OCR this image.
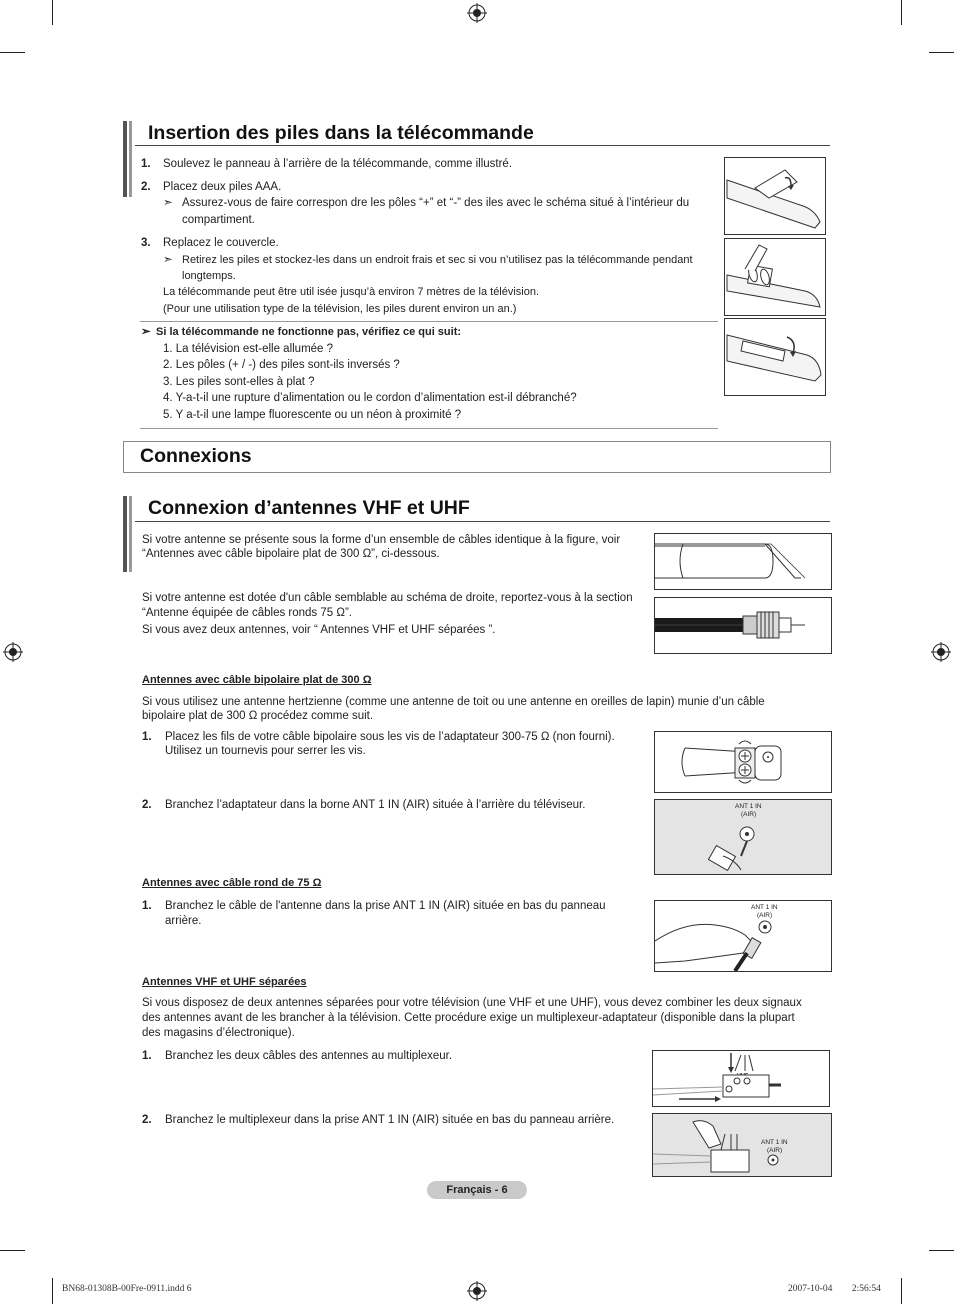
Insertion des piles dans la télécommande
1. Soulevez le panneau à l’arrière de la télécommande, comme illustré.
2. Placez deux piles AAA.
➣ Assurez-vous de faire correspon dre les pôles “+” et “-” des iles avec le schéma situé à l’intérieur du
compartiment.
3. Replacez le couvercle.
➣ Retirez les piles et stockez-les dans un endroit frais et sec si vou n’utilisez pas la télécommande pendant
longtemps.
La télécommande peut être util isée jusqu’à environ 7 mètres de la télévision.
(Pour une utilisation type de la télévision, les piles durent environ un an.)
➣ Si la télécommande ne fonctionne pas, vérifiez ce qui suit:
1. La télévision est-elle allumée ?
2. Les pôles (+ / -) des piles sont-ils inversés ?
3. Les piles sont-elles à plat ?
4. Y-a-t-il une rupture d’alimentation ou le cordon d’alimentation est-il débranché?
5. Y a-t-il une lampe fluorescente ou un néon à proximité ?
Connexions
Connexion d’antennes VHF et UHF
Si votre antenne se présente sous la forme d’un ensemble de câbles identique à la figure, voir
“Antennes avec câble bipolaire plat de 300 Ω”, ci-dessous.
Si votre antenne est dotée d'un câble semblable au schéma de droite, reportez-vous à la section
“Antenne équipée de câbles ronds 75 Ω”.
Si vous avez deux antennes, voir “ Antennes VHF et UHF séparées ”.
Antennes avec câble bipolaire plat de 300 Ω
Si vous utilisez une antenne hertzienne (comme une antenne de toit ou une antenne en oreilles de lapin) munie d’un câble
bipolaire plat de 300 Ω procédez comme suit.
1. Placez les fils de votre câble bipolaire sous les vis de l’adaptateur 300-75 Ω (non fourni).
Utilisez un tournevis pour serrer les vis.
2. Branchez l’adaptateur dans la borne ANT 1 IN (AIR) située à l’arrière du téléviseur.	ANT 1 IN
(AIR)
Antennes avec câble rond de 75 Ω
1. Branchez le câble de l'antenne dans la prise ANT 1 IN (AIR) située en bas du panneau
arrière.
ANT 1 IN
(AIR)
Antennes VHF et UHF séparées
Si vous disposez de deux antennes séparées pour votre télévision (une VHF et une UHF), vous devez combiner les deux signaux
des antennes avant de les brancher à la télévision. Cette procédure exige un multiplexeur-adaptateur (disponible dans la plupart
des magasins d’électronique).
1. Branchez les deux câbles des antennes au multiplexeur.
2. Branchez le multiplexeur dans la prise ANT 1 IN (AIR) située en bas du panneau arrière.
ANT 1 IN
(AIR)
Français - 6
BN68-01308B-00Fre-0911.indd 6	2007-10-04 ￿￿ 2:56:54
